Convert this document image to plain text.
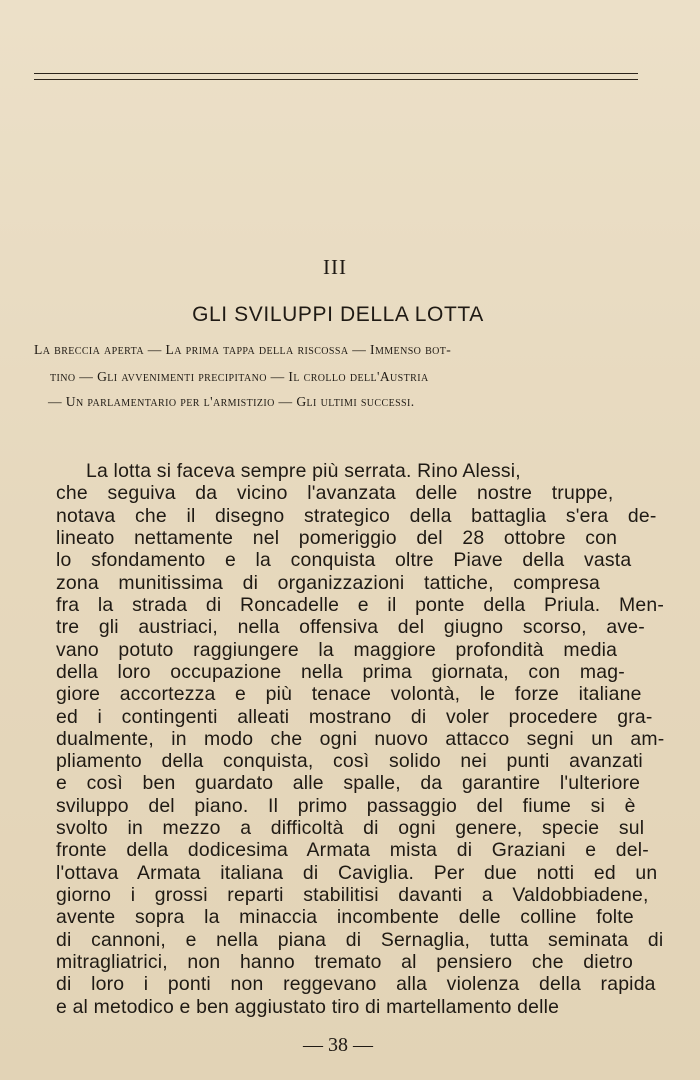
III
GLI SVILUPPI DELLA LOTTA
La breccia aperta — La prima tappa della riscossa — Immenso bot-
tino — Gli avvenimenti precipitano — Il crollo dell'Austria
— Un parlamentario per l'armistizio — Gli ultimi successi.
La lotta si faceva sempre più serrata. Rino Alessi,
che seguiva da vicino l'avanzata delle nostre truppe,
notava che il disegno strategico della battaglia s'era de-
lineato nettamente nel pomeriggio del 28 ottobre con
lo sfondamento e la conquista oltre Piave della vasta
zona munitissima di organizzazioni tattiche, compresa
fra la strada di Roncadelle e il ponte della Priula. Men-
tre gli austriaci, nella offensiva del giugno scorso, ave-
vano potuto raggiungere la maggiore profondità media
della loro occupazione nella prima giornata, con mag-
giore accortezza e più tenace volontà, le forze italiane
ed i contingenti alleati mostrano di voler procedere gra-
dualmente, in modo che ogni nuovo attacco segni un am-
pliamento della conquista, così solido nei punti avanzati
e così ben guardato alle spalle, da garantire l'ulteriore
sviluppo del piano. Il primo passaggio del fiume si è
svolto in mezzo a difficoltà di ogni genere, specie sul
fronte della dodicesima Armata mista di Graziani e del-
l'ottava Armata italiana di Caviglia. Per due notti ed un
giorno i grossi reparti stabilitisi davanti a Valdobbiadene,
avente sopra la minaccia incombente delle colline folte
di cannoni, e nella piana di Sernaglia, tutta seminata di
mitragliatrici, non hanno tremato al pensiero che dietro
di loro i ponti non reggevano alla violenza della rapida
e al metodico e ben aggiustato tiro di martellamento delle
— 38 —
